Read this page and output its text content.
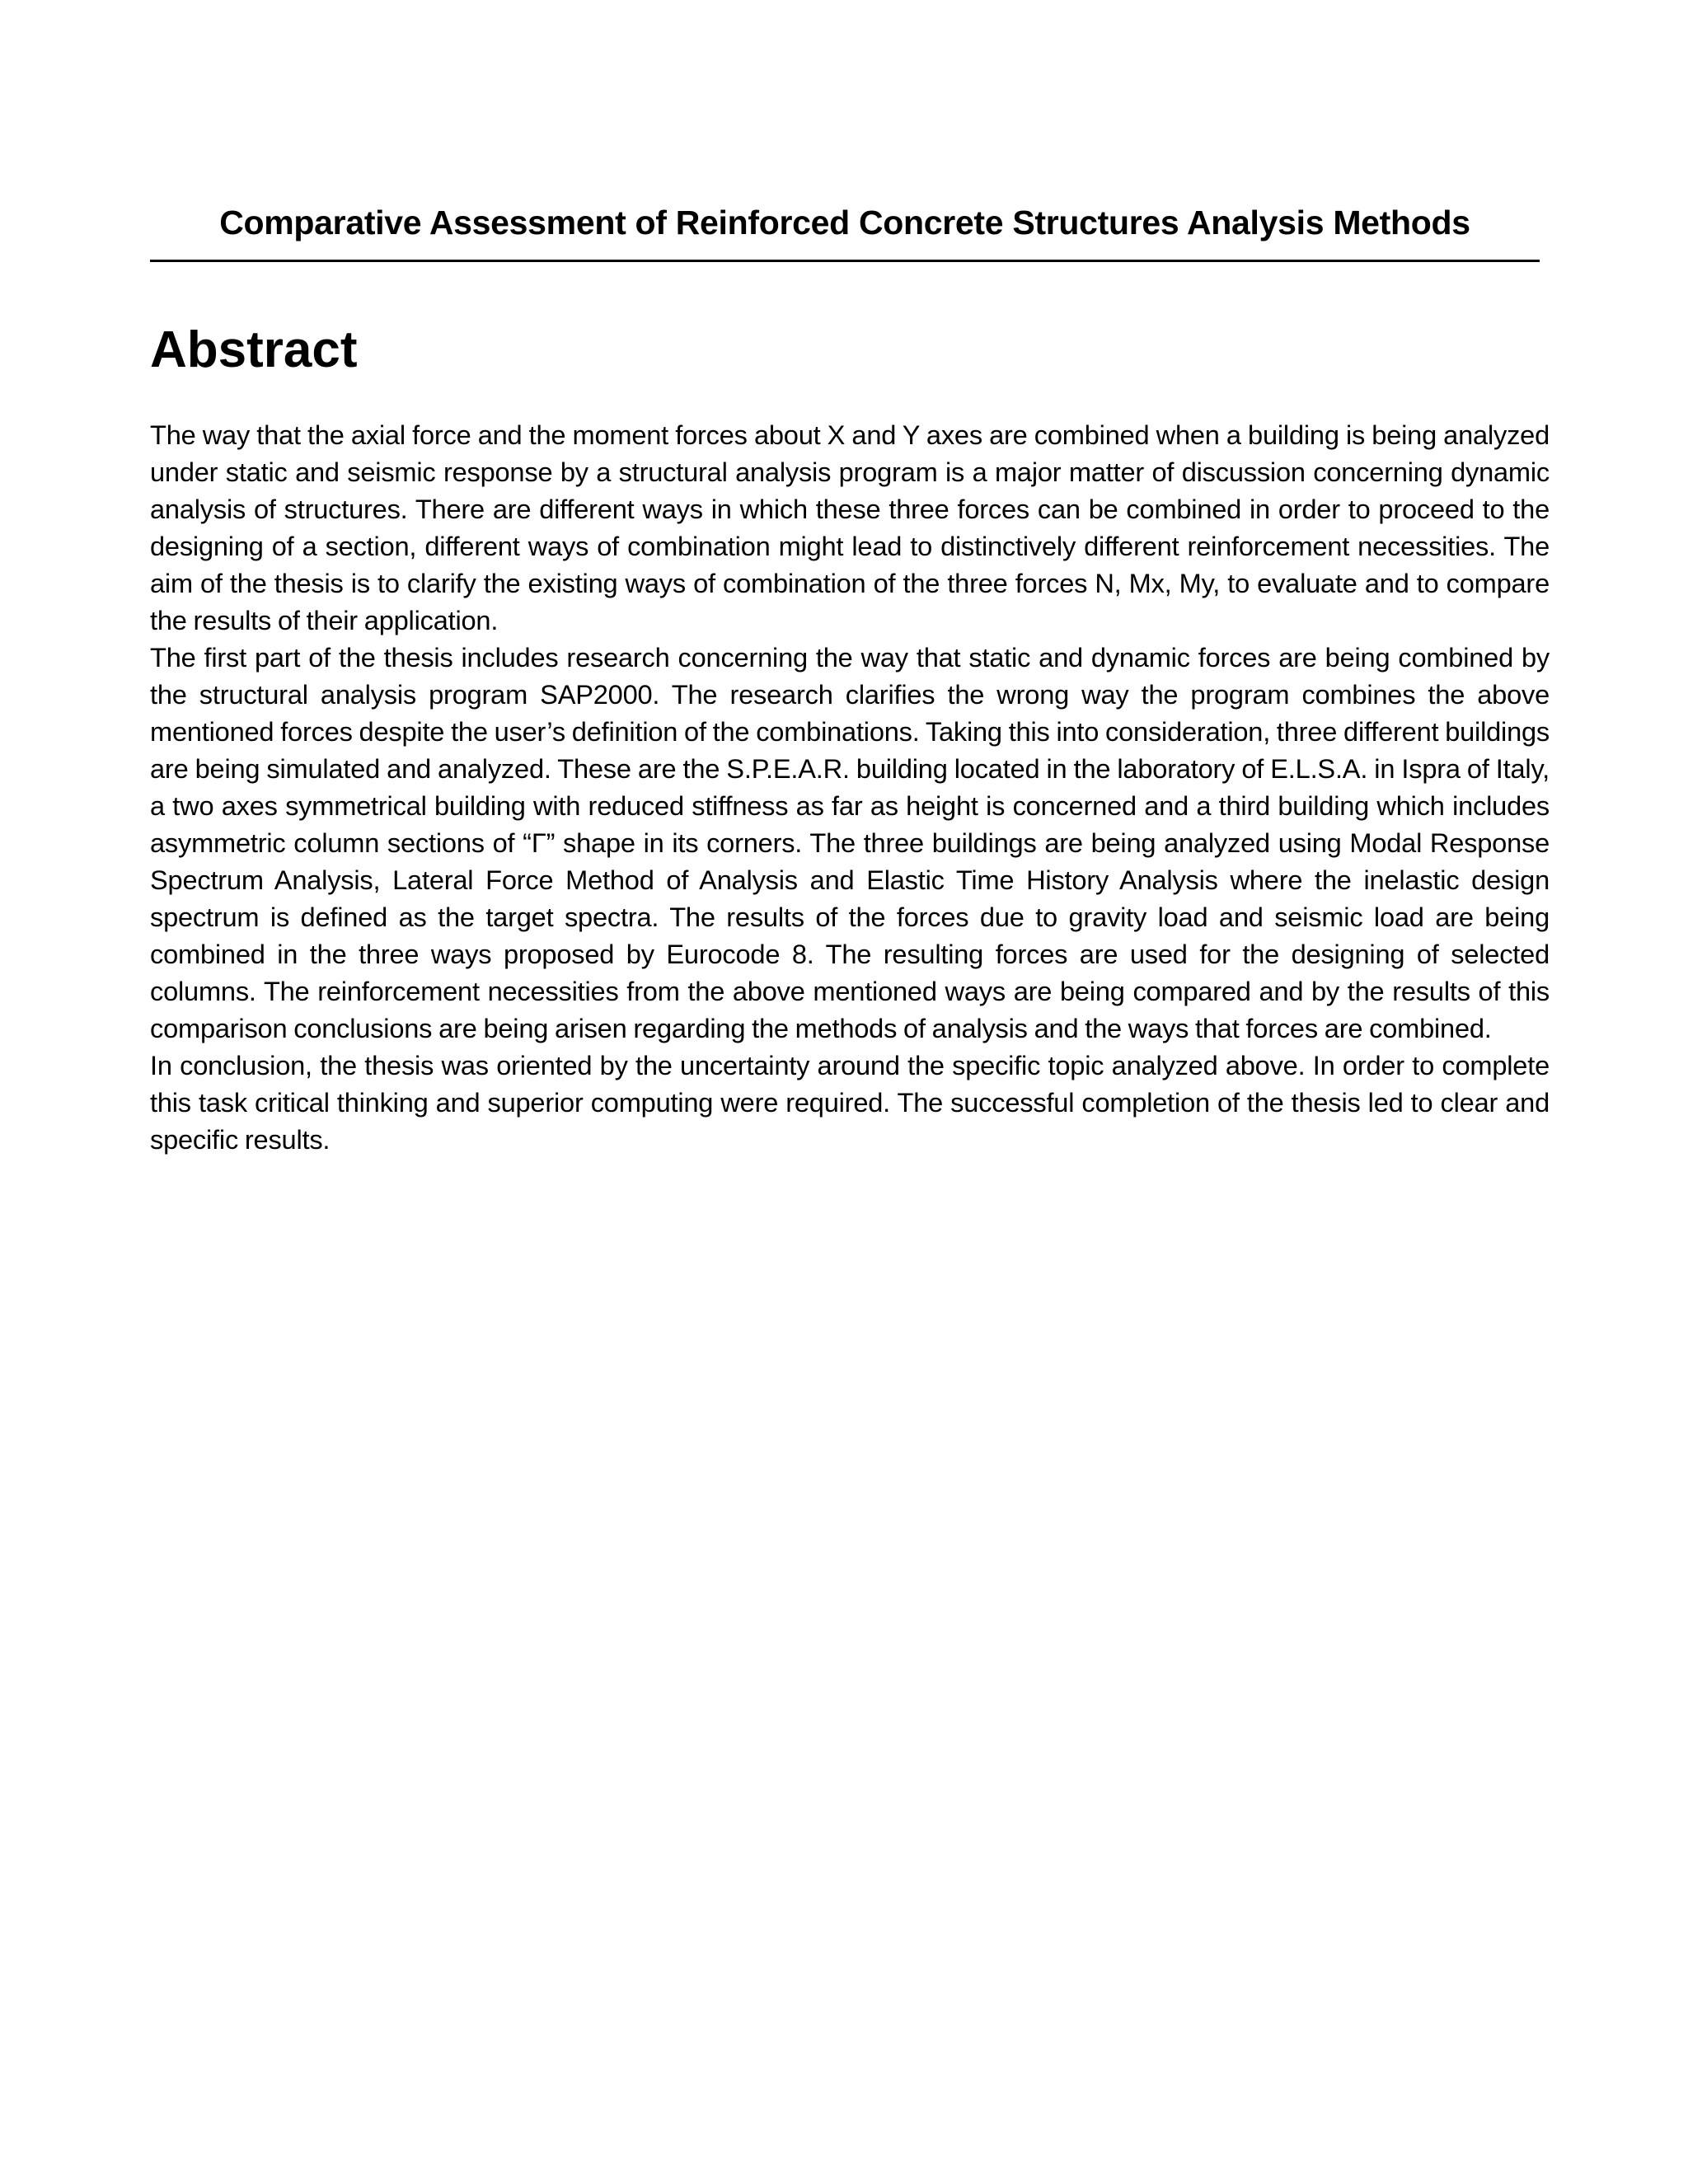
Comparative Assessment of Reinforced Concrete Structures Analysis Methods
Abstract

The way that the axial force and the moment forces about X and Y axes are combined when a building is being analyzed under static and seismic response by a structural analysis program is a major matter of discussion concerning dynamic analysis of structures. There are different ways in which these three forces can be combined in order to proceed to the designing of a section, different ways of combination might lead to distinctively different reinforcement necessities. The aim of the thesis is to clarify the existing ways of combination of the three forces N, Mx, My, to evaluate and to compare the results of their application.

The first part of the thesis includes research concerning the way that static and dynamic forces are being combined by the structural analysis program SAP2000. The research clarifies the wrong way the program combines the above mentioned forces despite the user’s definition of the combinations. Taking this into consideration, three different buildings are being simulated and analyzed. These are the S.P.E.A.R. building located in the laboratory of E.L.S.A. in Ispra of Italy, a two axes symmetrical building with reduced stiffness as far as height is concerned and a third building which includes asymmetric column sections of “Γ” shape in its corners. The three buildings are being analyzed using Modal Response Spectrum Analysis, Lateral Force Method of Analysis and Elastic Time History Analysis where the inelastic design spectrum is defined as the target spectra. The results of the forces due to gravity load and seismic load are being combined in the three ways proposed by Eurocode 8. The resulting forces are used for the designing of selected columns. The reinforcement necessities from the above mentioned ways are being compared and by the results of this comparison conclusions are being arisen regarding the methods of analysis and the ways that forces are combined.

In conclusion, the thesis was oriented by the uncertainty around the specific topic analyzed above. In order to complete this task critical thinking and superior computing were required. The successful completion of the thesis led to clear and specific results.
